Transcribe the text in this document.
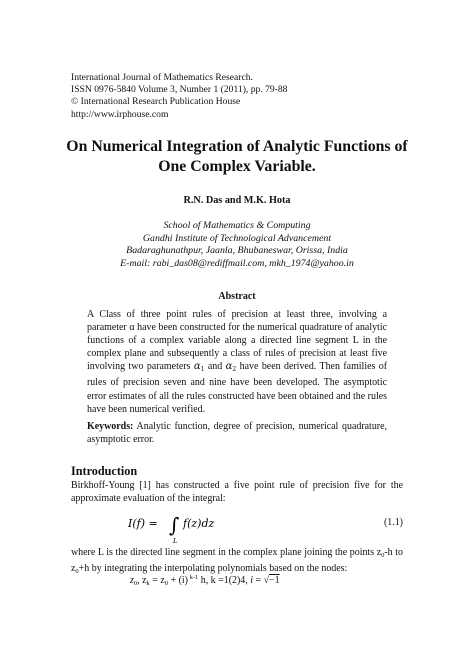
International Journal of Mathematics Research.
ISSN 0976-5840 Volume 3, Number 1 (2011), pp. 79-88
© International Research Publication House
http://www.irphouse.com
On Numerical Integration of Analytic Functions of
One Complex Variable.
R.N. Das and M.K. Hota
School of Mathematics & Computing
Gandhi Institute of Technological Advancement
Badaraghunathpur, Jaanla, Bhubaneswar, Orissa, India
E-mail: rabi_das08@rediffmail.com, mkh_1974@yahoo.in
Abstract

A Class of three point rules of precision at least three, involving a parameter α have been constructed for the numerical quadrature of analytic functions of a complex variable along a directed line segment L in the complex plane and subsequently a class of rules of precision at least five involving two parameters $\alpha_1$ and $\alpha_2$ have been derived. Then families of rules of precision seven and nine have been developed. The asymptotic error estimates of all the rules constructed have been obtained and the rules have been numerical verified.

Keywords: Analytic function, degree of precision, numerical quadrature, asymptotic error.
Introduction
Birkhoff-Young [1] has constructed a five point rule of precision five for the approximate evaluation of the integral:
I(f) = ∫
L
f(z)dz	(1.1)
where L is the directed line segment in the complex plane joining the points $z_0-h$ to $z_0+h$ by integrating the interpolating polynomials based on the nodes:
$z_0$, $z_k = z_0 + (i)$ $^{k-1}$ h, k =1(2)4, i = √−1
